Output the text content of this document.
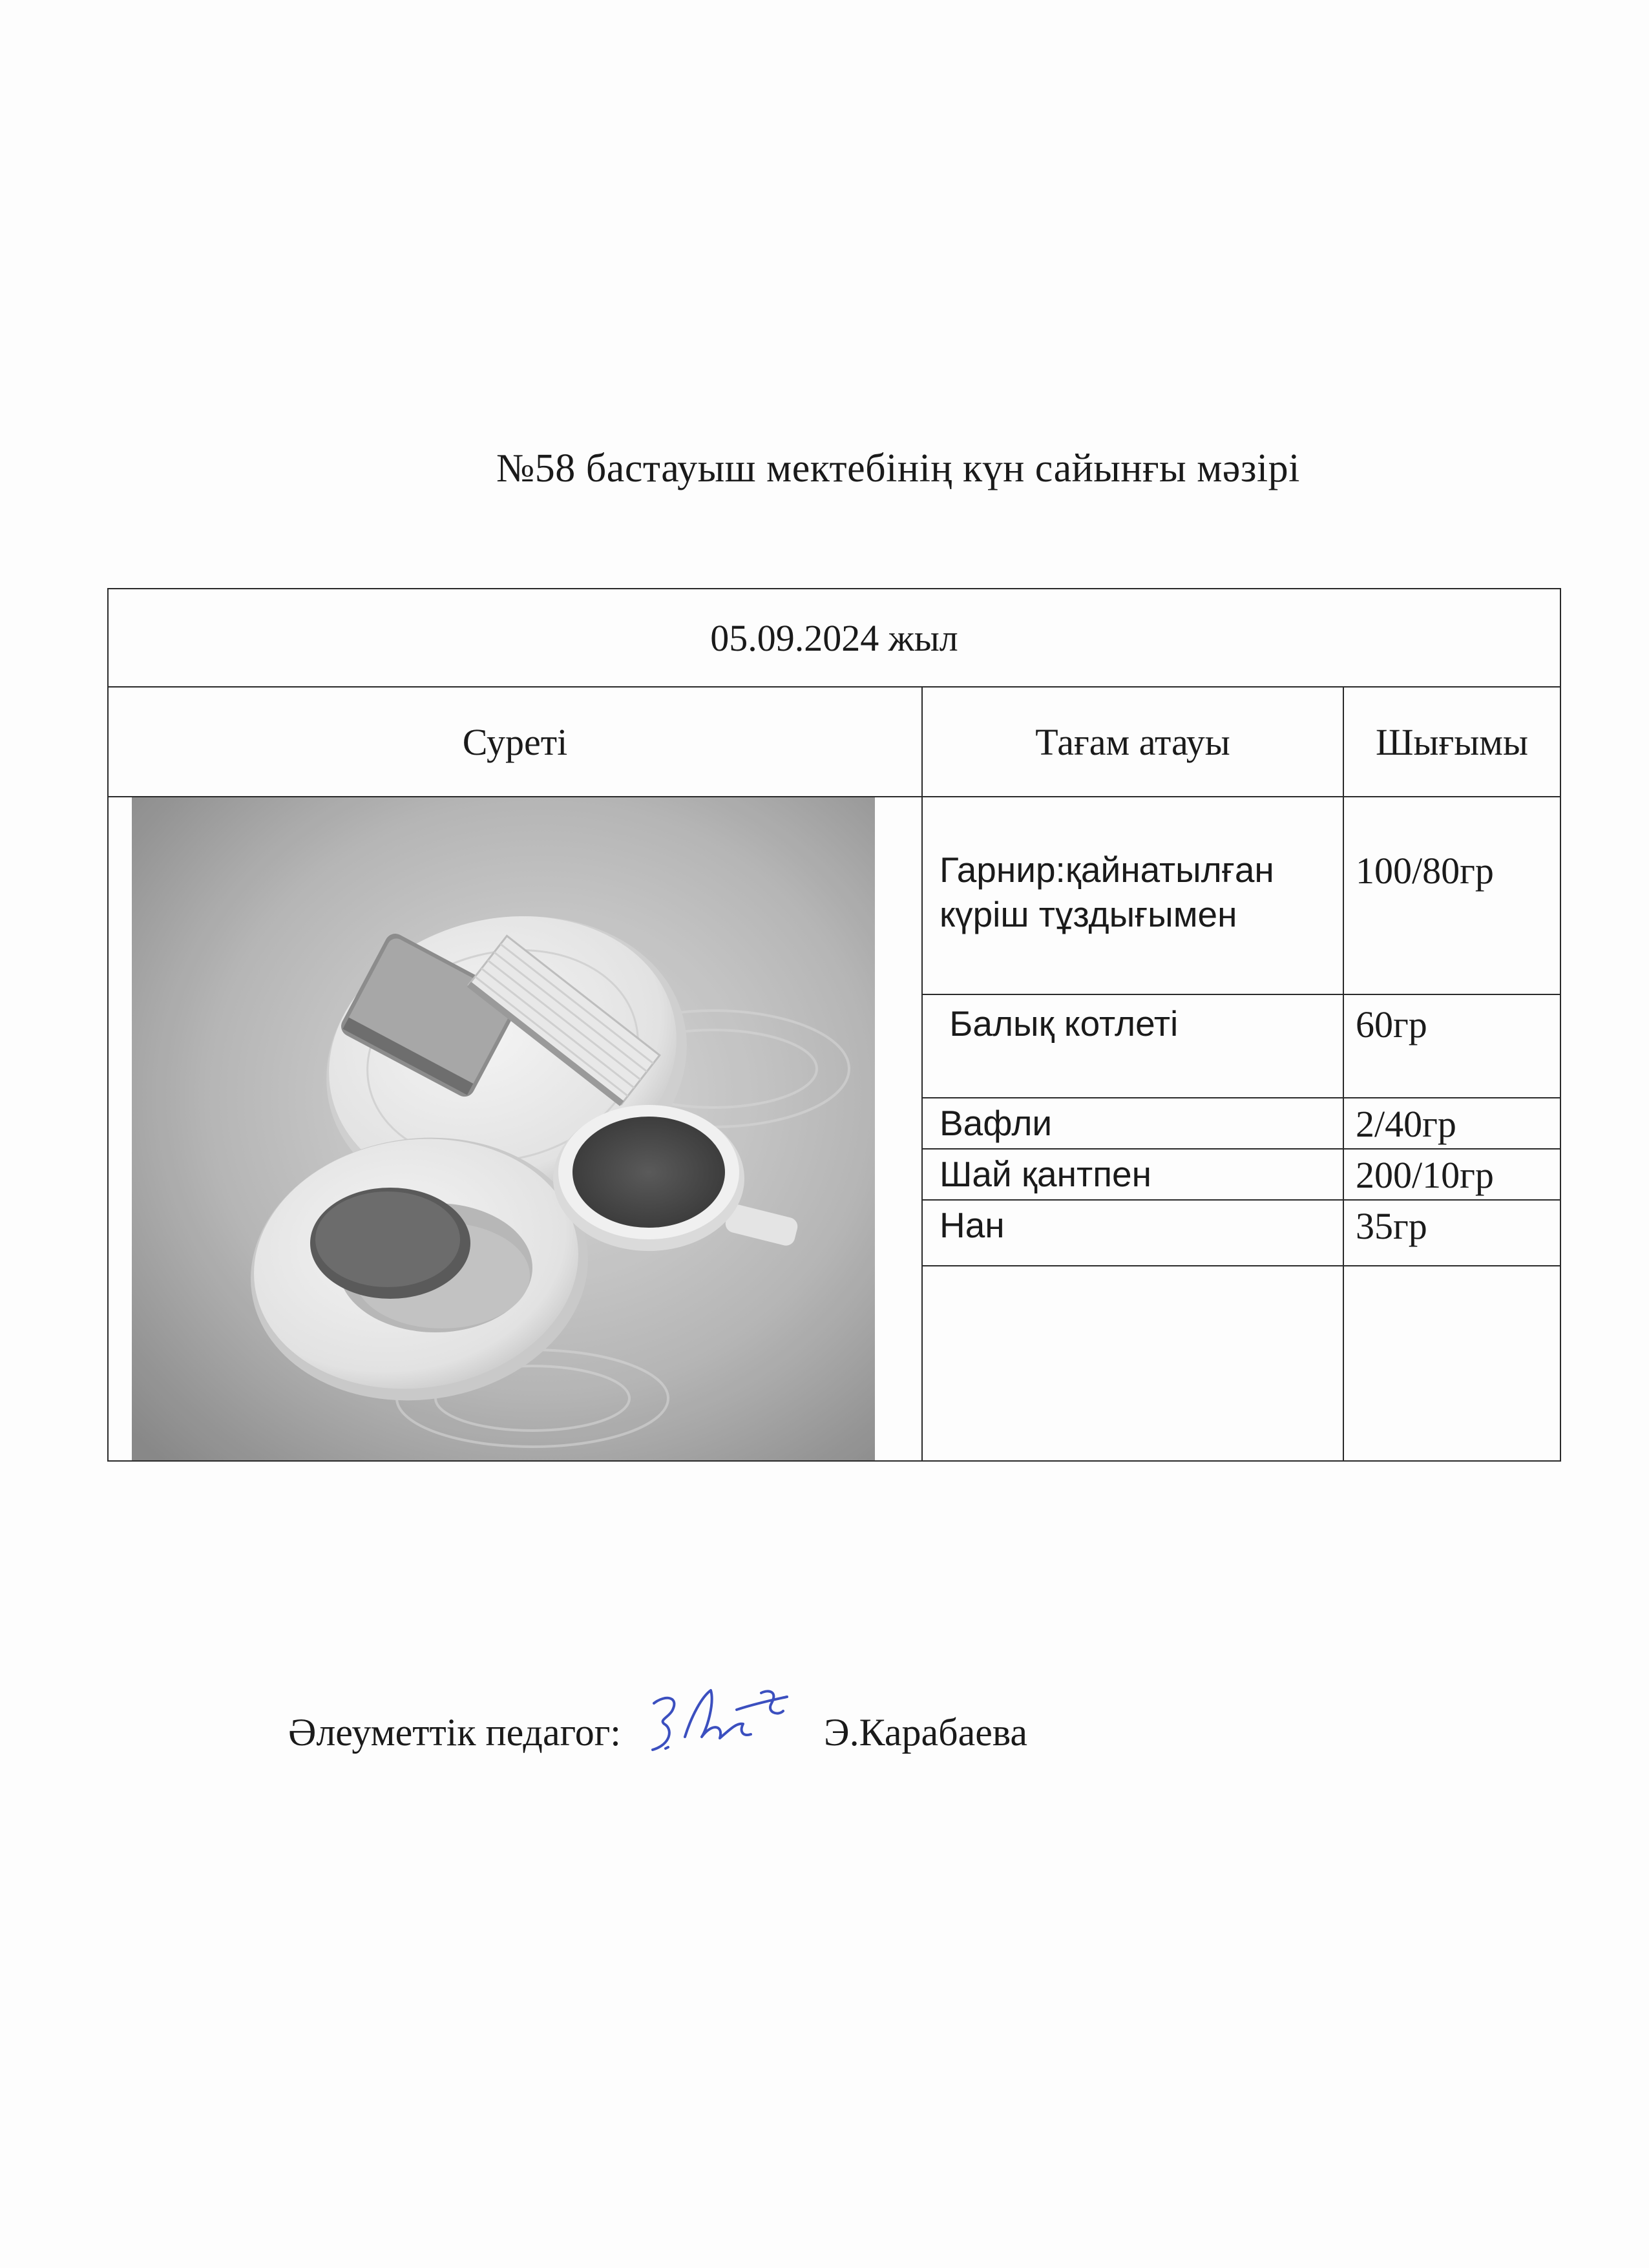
№58 бастауыш мектебінің күн сайынғы мәзірі
05.09.2024 жыл		
Суреті	Тағам атауы	Шығымы

	Гарнир:қайнатылған күріш тұздығымен	100/80гр
	Балық котлеті	60гр
	Вафли	2/40гр
	Шай қантпен	200/10гр
	Нан	35гр

Әлеуметтік педагог:	Э.Карабаева
